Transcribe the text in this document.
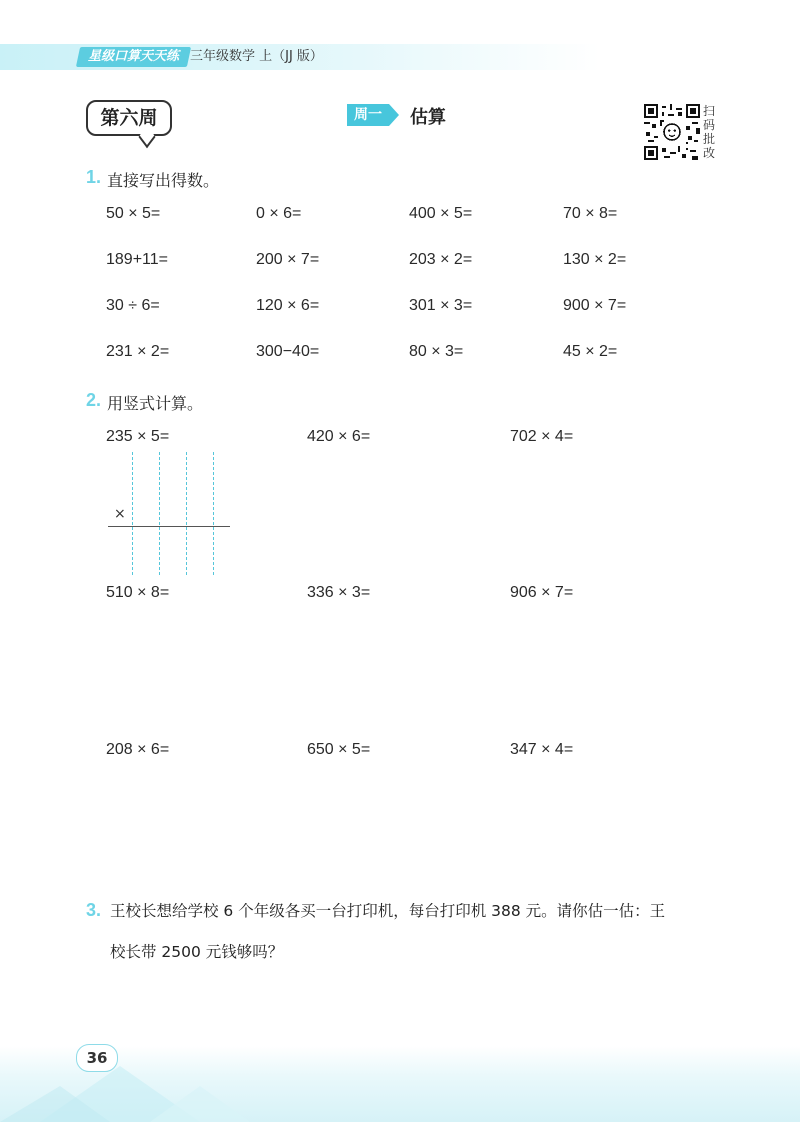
星级口算天天练 三年级数学 上（JJ 版）
第六周	周一	估算	扫
码
批
改
1. 直接写出得数。
50 × 5=	0 × 6=	400 × 5=	70 × 8=
189+11=	200 × 7=	203 × 2=	130 × 2=
30 ÷ 6=	120 × 6=	301 × 3=	900 × 7=
231 × 2=	300−40=	80 × 3=	45 × 2=
2. 用竖式计算。
235 × 5=	420 × 6=	702 × 4=
×
510 × 8=	336 × 3=	906 × 7=
208 × 6=	650 × 5=	347 × 4=
3. 王校长想给学校 6 个年级各买一台打印机，每台打印机 388 元。请你估一估：王
校长带 2500 元钱够吗？
36
